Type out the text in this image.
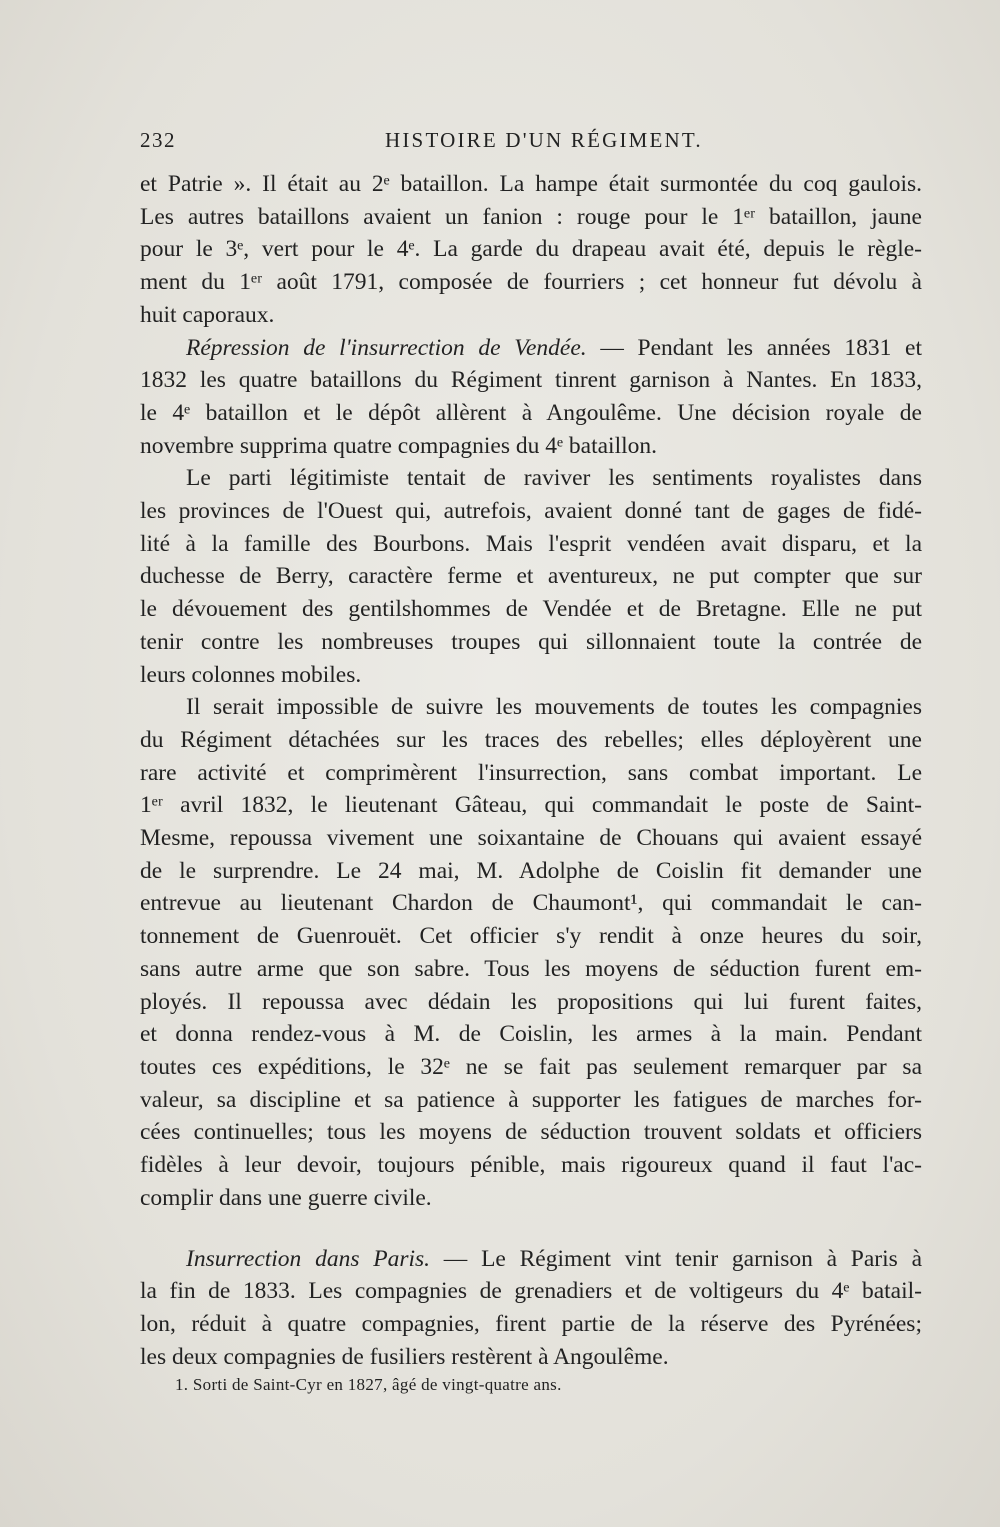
232	HISTOIRE D'UN RÉGIMENT.

et Patrie ». Il était au 2ᵉ bataillon. La hampe était surmontée du coq gaulois.
Les autres bataillons avaient un fanion : rouge pour le 1ᵉʳ bataillon, jaune
pour le 3ᵉ, vert pour le 4ᵉ. La garde du drapeau avait été, depuis le règle-
ment du 1ᵉʳ août 1791, composée de fourriers ; cet honneur fut dévolu à
huit caporaux.

Répression de l'insurrection de Vendée. — Pendant les années 1831 et
1832 les quatre bataillons du Régiment tinrent garnison à Nantes. En 1833,
le 4ᵉ bataillon et le dépôt allèrent à Angoulême. Une décision royale de
novembre supprima quatre compagnies du 4ᵉ bataillon.

Le parti légitimiste tentait de raviver les sentiments royalistes dans
les provinces de l'Ouest qui, autrefois, avaient donné tant de gages de fidé-
lité à la famille des Bourbons. Mais l'esprit vendéen avait disparu, et la
duchesse de Berry, caractère ferme et aventureux, ne put compter que sur
le dévouement des gentilshommes de Vendée et de Bretagne. Elle ne put
tenir contre les nombreuses troupes qui sillonnaient toute la contrée de
leurs colonnes mobiles.

Il serait impossible de suivre les mouvements de toutes les compagnies
du Régiment détachées sur les traces des rebelles; elles déployèrent une
rare activité et comprimèrent l'insurrection, sans combat important. Le
1ᵉʳ avril 1832, le lieutenant Gâteau, qui commandait le poste de Saint-
Mesme, repoussa vivement une soixantaine de Chouans qui avaient essayé
de le surprendre. Le 24 mai, M. Adolphe de Coislin fit demander une
entrevue au lieutenant Chardon de Chaumont¹, qui commandait le can-
tonnement de Guenrouët. Cet officier s'y rendit à onze heures du soir,
sans autre arme que son sabre. Tous les moyens de séduction furent em-
ployés. Il repoussa avec dédain les propositions qui lui furent faites,
et donna rendez-vous à M. de Coislin, les armes à la main. Pendant
toutes ces expéditions, le 32ᵉ ne se fait pas seulement remarquer par sa
valeur, sa discipline et sa patience à supporter les fatigues de marches for-
cées continuelles; tous les moyens de séduction trouvent soldats et officiers
fidèles à leur devoir, toujours pénible, mais rigoureux quand il faut l'ac-
complir dans une guerre civile.

Insurrection dans Paris. — Le Régiment vint tenir garnison à Paris à
la fin de 1833. Les compagnies de grenadiers et de voltigeurs du 4ᵉ batail-
lon, réduit à quatre compagnies, firent partie de la réserve des Pyrénées;
les deux compagnies de fusiliers restèrent à Angoulême.

1. Sorti de Saint-Cyr en 1827, âgé de vingt-quatre ans.
